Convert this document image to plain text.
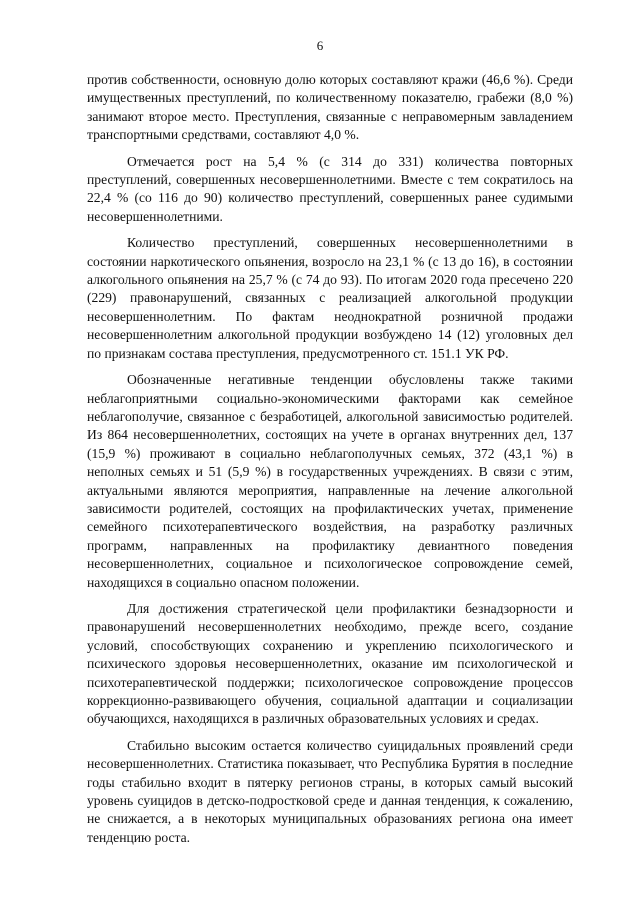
6

против собственности, основную долю которых составляют кражи (46,6 %). Среди имущественных преступлений, по количественному показателю, грабежи (8,0 %) занимают второе место. Преступления, связанные с неправомерным завладением транспортными средствами, составляют 4,0 %.

Отмечается рост на 5,4 % (с 314 до 331) количества повторных преступлений, совершенных несовершеннолетними. Вместе с тем сократилось на 22,4 % (со 116 до 90) количество преступлений, совершенных ранее судимыми несовершеннолетними.

Количество преступлений, совершенных несовершеннолетними в состоянии наркотического опьянения, возросло на 23,1 % (с 13 до 16), в состоянии алкогольного опьянения на 25,7 % (с 74 до 93). По итогам 2020 года пресечено 220 (229) правонарушений, связанных с реализацией алкогольной продукции несовершеннолетним. По фактам неоднократной розничной продажи несовершеннолетним алкогольной продукции возбуждено 14 (12) уголовных дел по признакам состава преступления, предусмотренного ст. 151.1 УК РФ.

Обозначенные негативные тенденции обусловлены также такими неблагоприятными социально-экономическими факторами как семейное неблагополучие, связанное с безработицей, алкогольной зависимостью родителей. Из 864 несовершеннолетних, состоящих на учете в органах внутренних дел, 137 (15,9 %) проживают в социально неблагополучных семьях, 372 (43,1 %) в неполных семьях и 51 (5,9 %) в государственных учреждениях. В связи с этим, актуальными являются мероприятия, направленные на лечение алкогольной зависимости родителей, состоящих на профилактических учетах, применение семейного психотерапевтического воздействия, на разработку различных программ, направленных на профилактику девиантного поведения несовершеннолетних, социальное и психологическое сопровождение семей, находящихся в социально опасном положении.

Для достижения стратегической цели профилактики безнадзорности и правонарушений несовершеннолетних необходимо, прежде всего, создание условий, способствующих сохранению и укреплению психологического и психического здоровья несовершеннолетних, оказание им психологической и психотерапевтической поддержки; психологическое сопровождение процессов коррекционно-развивающего обучения, социальной адаптации и социализации обучающихся, находящихся в различных образовательных условиях и средах.

Стабильно высоким остается количество суицидальных проявлений среди несовершеннолетних. Статистика показывает, что Республика Бурятия в последние годы стабильно входит в пятерку регионов страны, в которых самый высокий уровень суицидов в детско-подростковой среде и данная тенденция, к сожалению, не снижается, а в некоторых муниципальных образованиях региона она имеет тенденцию роста.
